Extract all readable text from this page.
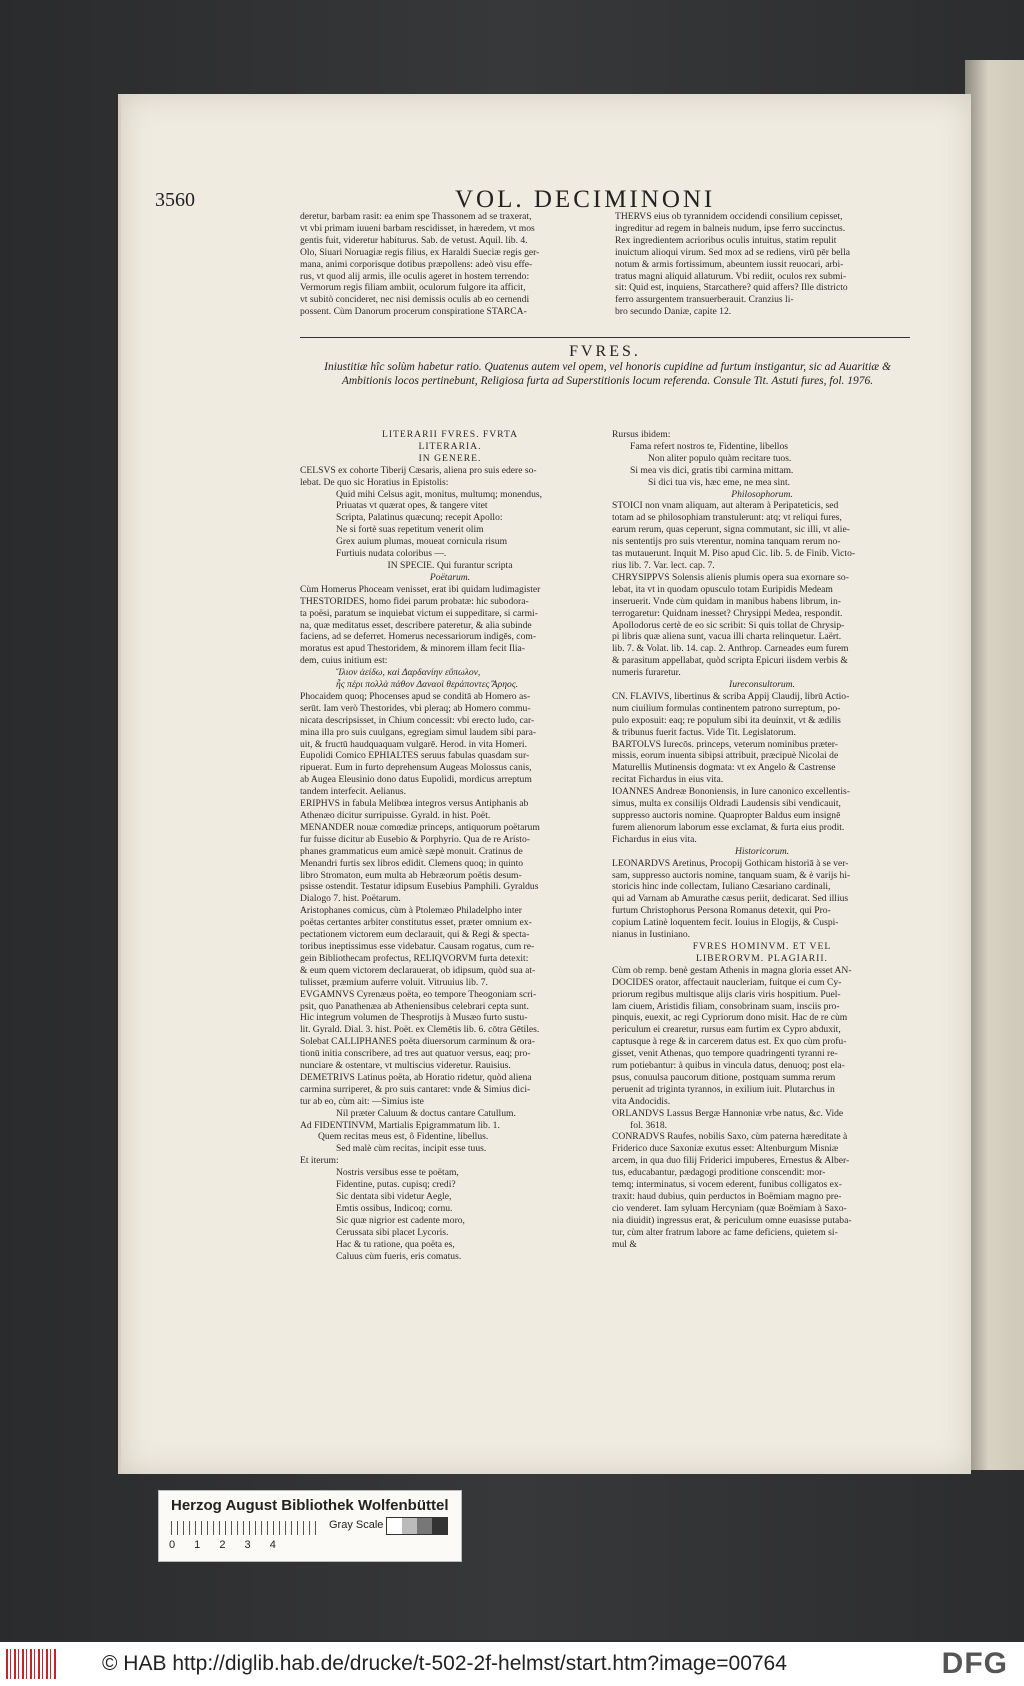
3560	VOL. DECIMINONI

deretur, barbam rasit: ea enim spe Thassonem ad se traxerat,

vt vbi primam iuueni barbam rescidisset, in hæredem, vt mos

gentis fuit, videretur habiturus. Sab. de vetust. Aquil. lib. 4.

Olo, Siuari Noruagiæ regis filius, ex Haraldi Sueciæ regis ger-

mana, animi corporisque dotibus præpollens: adeò visu effe-

rus, vt quod alij armis, ille oculis ageret in hostem terrendo:

Vermorum regis filiam ambiit, oculorum fulgore ita afficit,

vt subitò concideret, nec nisi demissis oculis ab eo cernendi

possent. Cùm Danorum procerum conspiratione STARCA-

THERVS eius ob tyrannidem occidendi consilium cepisset,

ingreditur ad regem in balneis nudum, ipse ferro succinctus.

Rex ingredientem acrioribus oculis intuitus, statim repulit

inuictum alioqui virum. Sed mox ad se rediens, virū pēr bella

notum & armis fortissimum, abeuntem iussit reuocari, arbi-

tratus magni aliquid allaturum. Vbi rediit, oculos rex submi-

sit: Quid est, inquiens, Starcathere? quid affers? Ille districto

ferro assurgentem transuerberauit. Cranzius li-

bro secundo Daniæ, capite 12.

FVRES.
Iniustitiæ hîc solùm habetur ratio. Quatenus autem vel opem, vel honoris cupidine ad furtum instigantur, sic ad Auaritiæ & Ambitionis locos pertinebunt, Religiosa furta ad Superstitionis locum referenda. Consule Tit. Astuti fures, fol. 1976.

LITERARII FVRES. FVRTA

LITERARIA.

IN GENERE.

CELSVS ex cohorte Tiberij Cæsaris, aliena pro suis edere so-

lebat. De quo sic Horatius in Epistolis:

Quid mihi Celsus agit, monitus, multumq; monendus,

Priuatas vt quærat opes, & tangere vitet

Scripta, Palatinus quæcunq; recepit Apollo:

Ne si fortè suas repetitum venerit olim

Grex auium plumas, moueat cornicula risum

Furtiuis nudata coloribus —.

IN SPECIE. Qui furantur scripta

Poëtarum.

Cùm Homerus Phoceam venisset, erat ibi quidam ludimagister

THESTORIDES, homo fidei parum probatæ: hic subodora-

ta poësi, paratum se inquiebat victum ei suppeditare, si carmi-

na, quæ meditatus esset, describere pateretur, & alia subinde

faciens, ad se deferret. Homerus necessariorum indigēs, com-

moratus est apud Thestoridem, & minorem illam fecit Ilia-

dem, cuius initium est:

Ἴλιον ἀείδω, καὶ Δαρδανίην εὔπωλον,

ἧς πέρι πολλὰ πάθον Δαναοὶ θεράποντες Ἄρηος.

Phocaidem quoq; Phocenses apud se conditā ab Homero as-

serūt. Iam verò Thestorides, vbi pleraq; ab Homero commu-

nicata descripsisset, in Chium concessit: vbi erecto ludo, car-

mina illa pro suis cuulgans, egregiam simul laudem sibi para-

uit, & fructū haudquaquam vulgarē. Herod. in vita Homeri.

Eupolidi Comico EPHIALTES seruus fabulas quasdam sur-

ripuerat. Eum in furto deprehensum Augeas Molossus canis,

ab Augea Eleusinio dono datus Eupolidi, mordicus arreptum

tandem interfecit. Aelianus.

ERIPHVS in fabula Melibœa integros versus Antiphanis ab

Athenæo dicitur surripuisse. Gyrald. in hist. Poët.

MENANDER nouæ comœdiæ princeps, antiquorum poëtarum

fur fuisse dicitur ab Eusebio & Porphyrio. Qua de re Aristo-

phanes grammaticus eum amicè sæpè monuit. Cratinus de

Menandri furtis sex libros edidit. Clemens quoq; in quinto

libro Stromaton, eum multa ab Hebræorum poëtis desum-

psisse ostendit. Testatur idipsum Eusebius Pamphili. Gyraldus

Dialogo 7. hist. Poëtarum.

Aristophanes comicus, cùm à Ptolemæo Philadelpho inter

poëtas certantes arbiter constitutus esset, præter omnium ex-

pectationem victorem eum declarauit, qui & Regi & specta-

toribus ineptissimus esse videbatur. Causam rogatus, cum re-

gein Bibliothecam profectus, RELIQVORVM furta detexit:

& eum quem victorem declarauerat, ob idipsum, quòd sua at-

tulisset, præmium auferre voluit. Vitruuius lib. 7.

EVGAMNVS Cyrenæus poëta, eo tempore Theogoniam scri-

psit, quo Panathenæa ab Atheniensibus celebrari cepta sunt.

Hic integrum volumen de Thesprotijs à Musæo furto sustu-

lit. Gyrald. Dial. 3. hist. Poët. ex Clemētis lib. 6. cōtra Gētiles.

Solebat CALLIPHANES poëta diuersorum carminum & ora-

tionū initia conscribere, ad tres aut quatuor versus, eaq; pro-

nunciare & ostentare, vt multiscius videretur. Rauisius.

DEMETRIVS Latinus poëta, ab Horatio ridetur, quòd aliena

carmina surriperet, & pro suis cantaret: vnde & Simius dici-

tur ab eo, cùm ait: —Simius iste

Nil præter Caluum & doctus cantare Catullum.

Ad FIDENTINVM, Martialis Epigrammatum lib. 1.

Quem recitas meus est, ô Fidentine, libellus.

Sed malè cùm recitas, incipit esse tuus.

Et iterum:

Nostris versibus esse te poëtam,

Fidentine, putas. cupisq; credi?

Sic dentata sibi videtur Aegle,

Emtis ossibus, Indicoq; cornu.

Sic quæ nigrior est cadente moro,

Cerussata sibi placet Lycoris.

Hac & tu ratione, qua poëta es,

Caluus cùm fueris, eris comatus.

Rursus ibidem:

Fama refert nostros te, Fidentine, libellos

Non aliter populo quàm recitare tuos.

Si mea vis dici, gratis tibi carmina mittam.

Si dici tua vis, hæc eme, ne mea sint.

Philosophorum.

STOICI non vnam aliquam, aut alteram à Peripateticis, sed

totam ad se philosophiam transtulerunt: atq; vt reliqui fures,

earum rerum, quas ceperunt, signa commutant, sic illi, vt alie-

nis sententijs pro suis vterentur, nomina tanquam rerum no-

tas mutauerunt. Inquit M. Piso apud Cic. lib. 5. de Finib. Victo-

rius lib. 7. Var. lect. cap. 7.

CHRYSIPPVS Solensis alienis plumis opera sua exornare so-

lebat, ita vt in quodam opusculo totam Euripidis Medeam

inseruerit. Vnde cùm quidam in manibus habens librum, in-

terrogaretur: Quidnam inesset? Chrysippi Medea, respondit.

Apollodorus certè de eo sic scribit: Si quis tollat de Chrysip-

pi libris quæ aliena sunt, vacua illi charta relinquetur. Laërt.

lib. 7. & Volat. lib. 14. cap. 2. Anthrop. Carneades eum furem

& parasitum appellabat, quòd scripta Epicuri iisdem verbis &

numeris furaretur.

Iureconsultorum.

CN. FLAVIVS, libertinus & scriba Appij Claudij, librū Actio-

num ciuilium formulas continentem patrono surreptum, po-

pulo exposuit: eaq; re populum sibi ita deuinxit, vt & ædilis

& tribunus fuerit factus. Vide Tit. Legislatorum.

BARTOLVS Iurecōs. princeps, veterum nominibus præter-

missis, eorum inuenta sibipsi attribuit, præcipuè Nicolai de

Maturellis Mutinensis dogmata: vt ex Angelo & Castrense

recitat Fichardus in eius vita.

IOANNES Andreæ Bononiensis, in Iure canonico excellentis-

simus, multa ex consilijs Oldradi Laudensis sibi vendicauit,

suppresso auctoris nomine. Quapropter Baldus eum insignē

furem alienorum laborum esse exclamat, & furta eius prodit.

Fichardus in eius vita.

Historicorum.

LEONARDVS Aretinus, Procopij Gothicam historiā à se ver-

sam, suppresso auctoris nomine, tanquam suam, & è varijs hi-

storicis hinc inde collectam, Iuliano Cæsariano cardinali,

qui ad Varnam ab Amurathe cæsus periit, dedicarat. Sed illius

furtum Christophorus Persona Romanus detexit, qui Pro-

copium Latinè loquentem fecit. Iouius in Elogijs, & Cuspi-

nianus in Iustiniano.

FVRES HOMINVM. ET VEL

LIBERORVM. PLAGIARII.

Cùm ob remp. benè gestam Athenis in magna gloria esset AN-

DOCIDES orator, affectauit naucleriam, fuitque ei cum Cy-

priorum regibus multisque alijs claris viris hospitium. Puel-

lam ciuem, Aristidis filiam, consobrinam suam, insciis pro-

pinquis, euexit, ac regi Cypriorum dono misit. Hac de re cùm

periculum ei crearetur, rursus eam furtim ex Cypro abduxit,

captusque à rege & in carcerem datus est. Ex quo cùm profu-

gisset, venit Athenas, quo tempore quadringenti tyranni re-

rum potiebantur: à quibus in vincula datus, denuoq; post ela-

psus, conuulsa paucorum ditione, postquam summa rerum

peruenit ad triginta tyrannos, in exilium iuit. Plutarchus in

vita Andocidis.

ORLANDVS Lassus Bergæ Hannoniæ vrbe natus, &c. Vide

fol. 3618.

CONRADVS Raufes, nobilis Saxo, cùm paterna hæreditate à

Friderico duce Saxoniæ exutus esset: Altenburgum Misniæ

arcem, in qua duo filij Friderici impuberes, Ernestus & Alber-

tus, educabantur, pædagogi proditione conscendit: mor-

temq; interminatus, si vocem ederent, funibus colligatos ex-

traxit: haud dubius, quin perductos in Boëmiam magno pre-

cio venderet. Iam syluam Hercyniam (quæ Boëmiam à Saxo-

nia diuidit) ingressus erat, & periculum omne euasisse putaba-

tur, cùm alter fratrum labore ac fame deficiens, quietem si-

mul &

Herzog August Bibliothek Wolfenbüttel
0 1 2 3 4
Gray Scale
© HAB http://diglib.hab.de/drucke/t-502-2f-helmst/start.htm?image=00764	DFG
